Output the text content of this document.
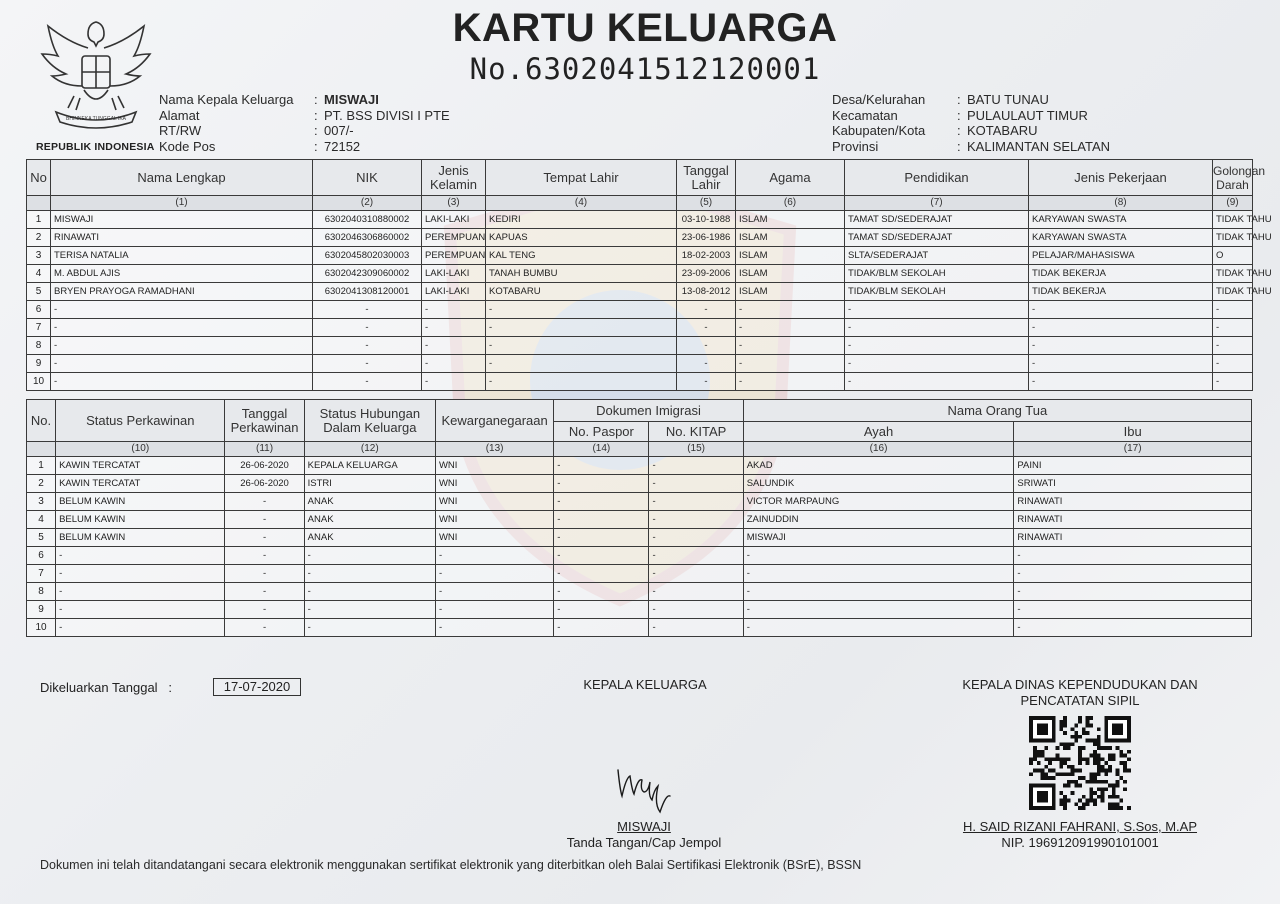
BHINNEKA TUNGGAL IKA
REPUBLIK INDONESIA
KARTU KELUARGA
No.6302041512120001
Nama Kepala Keluarga	: MISWAJI
Alamat	: PT. BSS DIVISI I PTE
RT/RW	: 007/-
Kode Pos	: 72152
Desa/Kelurahan	: BATU TUNAU
Kecamatan	: PULAULAUT TIMUR
Kabupaten/Kota	: KOTABARU
Provinsi	: KALIMANTAN SELATAN
No	Nama Lengkap	NIK	Jenis Kelamin	Tempat Lahir	Tanggal Lahir	Agama	Pendidikan	Jenis Pekerjaan	Golongan Darah
	(1)	(2)	(3)	(4)	(5)	(6)	(7)	(8)	(9)
1	MISWAJI	6302040310880002	LAKI-LAKI	KEDIRI	03-10-1988	ISLAM	TAMAT SD/SEDERAJAT	KARYAWAN SWASTA	TIDAK TAHU
2	RINAWATI	6302046306860002	PEREMPUAN	KAPUAS	23-06-1986	ISLAM	TAMAT SD/SEDERAJAT	KARYAWAN SWASTA	TIDAK TAHU
3	TERISA NATALIA	6302045802030003	PEREMPUAN	KAL TENG	18-02-2003	ISLAM	SLTA/SEDERAJAT	PELAJAR/MAHASISWA	O
4	M. ABDUL AJIS	6302042309060002	LAKI-LAKI	TANAH BUMBU	23-09-2006	ISLAM	TIDAK/BLM SEKOLAH	TIDAK BEKERJA	TIDAK TAHU
5	BRYEN PRAYOGA RAMADHANI	6302041308120001	LAKI-LAKI	KOTABARU	13-08-2012	ISLAM	TIDAK/BLM SEKOLAH	TIDAK BEKERJA	TIDAK TAHU
6	-	-	-	-	-	-	-	-	-
7	-	-	-	-	-	-	-	-	-
8	-	-	-	-	-	-	-	-	-
9	-	-	-	-	-	-	-	-	-
10	-	-	-	-	-	-	-	-	-
No.	Status Perkawinan	Tanggal Perkawinan	Status Hubungan Dalam Keluarga	Kewarganegaraan	Dokumen Imigrasi		Nama Orang Tua	
					No. Paspor	No. KITAP	Ayah	Ibu
	(10)	(11)	(12)	(13)	(14)	(15)	(16)	(17)
1	KAWIN TERCATAT	26-06-2020	KEPALA KELUARGA	WNI	-	-	AKAD	PAINI
2	KAWIN TERCATAT	26-06-2020	ISTRI	WNI	-	-	SALUNDIK	SRIWATI
3	BELUM KAWIN	-	ANAK	WNI	-	-	VICTOR MARPAUNG	RINAWATI
4	BELUM KAWIN	-	ANAK	WNI	-	-	ZAINUDDIN	RINAWATI
5	BELUM KAWIN	-	ANAK	WNI	-	-	MISWAJI	RINAWATI
6	-	-	-	-	-	-	-	-
7	-	-	-	-	-	-	-	-
8	-	-	-	-	-	-	-	-
9	-	-	-	-	-	-	-	-
10	-	-	-	-	-	-	-	-
Dikeluarkan Tanggal :	17-07-2020	KEPALA KELUARGA	KEPALA DINAS KEPENDUDUKAN DAN
PENCATATAN SIPIL
MISWAJI
Tanda Tangan/Cap Jempol
H. SAID RIZANI FAHRANI, S.Sos, M.AP
NIP. 196912091990101001
Dokumen ini telah ditandatangani secara elektronik menggunakan sertifikat elektronik yang diterbitkan oleh Balai Sertifikasi Elektronik (BSrE), BSSN
